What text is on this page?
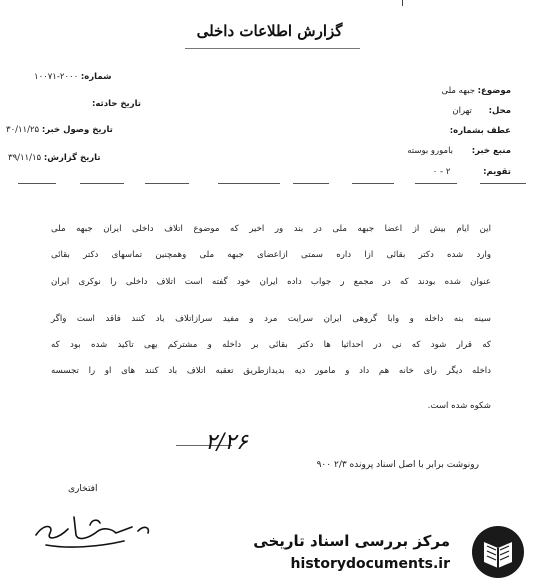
گزارش اطلاعات داخلی
موضوع: جبهه ملی
محل: تهران
عطف بشماره:
منبع خبر: بامورو بوسته
تقویم: ۲ - ۰
شماره: ۲۰۰۰-۱۰۰۷۱
تاریخ حادثه:
تاریخ وصول خبر: ۳۰/۱۱/۲۵
تاریخ گزارش: ۳۹/۱۱/۱۵
این ایام بیش از اعضا جبهه ملی در بند ور اخیر که موضوع اتلاف داخلی ایران جبهه ملی
وارد شده دکتر بقائی ازا داره سمتی ازاعضای جبهه ملی وهمچنین تماسهای دکتر بقائی
عنوان شده بودند که در مجمع ر جواب داده ایران خود گفته است اتلاف داخلی را نوکری ایران
سینه بنه داخله و وابا گروهی ایران سرایت مرد و مفید سرازاتلاف باد کنند فاقد است واگر
که قرار شود که نی در احداثیا ها دکتر بقائی بر داخله و مشترکم یهی تاکید شده بود که
داخله دیگر رای خانه هم داد و مامور دیه بدیدازطریق تعقبه اتلاف باد کنند های او را تجسسه
شکوه شده است.
رونوشت برابر با اصل اسناد پرونده ۲/۳ ۹۰۰
۲/۲۶
افتخاری
مرکز بررسی اسناد تاریخی
historydocuments.ir
